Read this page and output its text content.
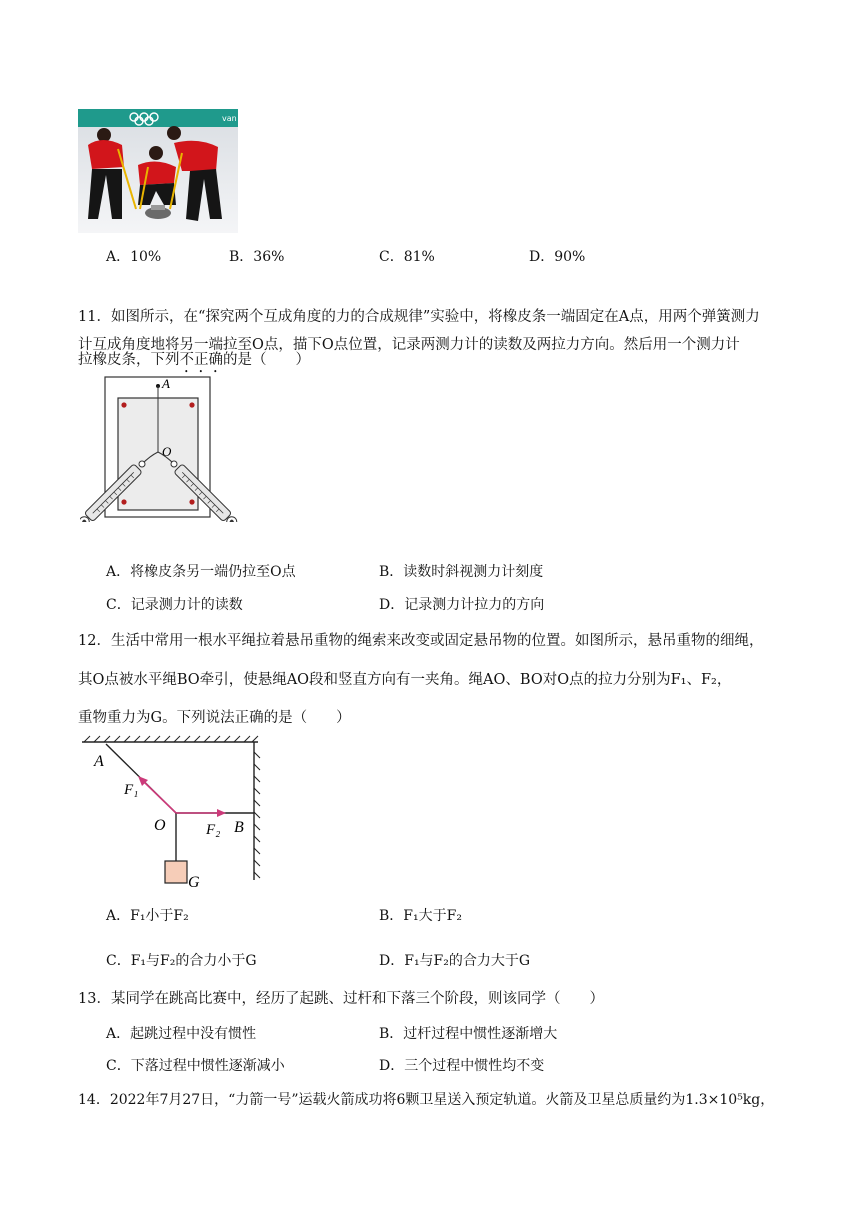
van
A．10%	B．36%	C．81%	D．90%
11．如图所示，在“探究两个互成角度的力的合成规律”实验中，将橡皮条一端固定在A点，用两个弹簧测力
计互成角度地将另一端拉至O点，描下O点位置，记录两测力计的读数及两拉力方向。然后用一个测力计
拉橡皮条，下列不正确的是（　　）
A
O
A．将橡皮条另一端仍拉至O点	B．读数时斜视测力计刻度
C．记录测力计的读数	D．记录测力计拉力的方向
12．生活中常用一根水平绳拉着悬吊重物的绳索来改变或固定悬吊物的位置。如图所示，悬吊重物的细绳，
其O点被水平绳BO牵引，使悬绳AO段和竖直方向有一夹角。绳AO、BO对O点的拉力分别为F₁、F₂，
重物重力为G。下列说法正确的是（　　）
A
F₁
O	F₂ B
G
A．F₁小于F₂	B．F₁大于F₂
C．F₁与F₂的合力小于G	D．F₁与F₂的合力大于G
13．某同学在跳高比赛中，经历了起跳、过杆和下落三个阶段，则该同学（　　）
A．起跳过程中没有惯性	B．过杆过程中惯性逐渐增大
C．下落过程中惯性逐渐减小	D．三个过程中惯性均不变
14．2022年7月27日，“力箭一号”运载火箭成功将6颗卫星送入预定轨道。火箭及卫星总质量约为1.3×10⁵kg，
